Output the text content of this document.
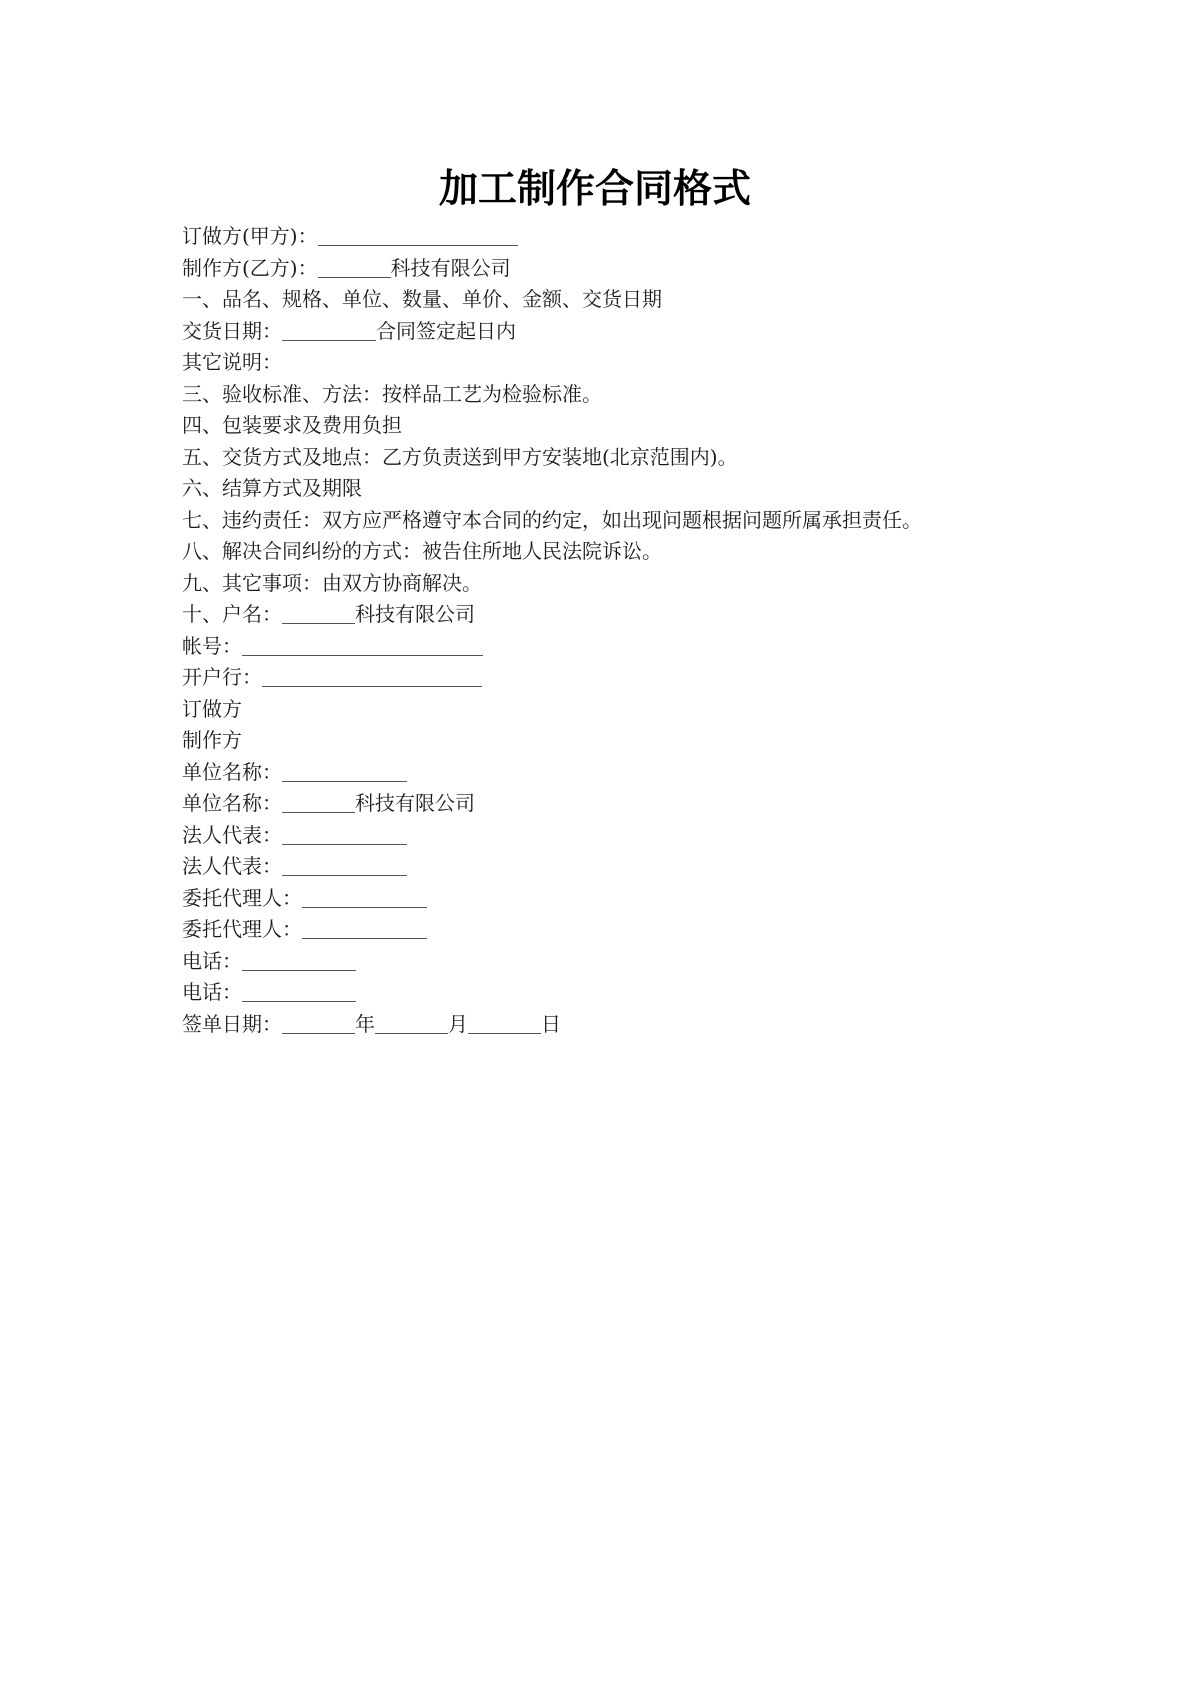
加工制作合同格式
订做方(甲方)：
制作方(乙方)：	科技有限公司
一、品名、规格、单位、数量、单价、金额、交货日期
交货日期：	合同签定起日内
其它说明：
三、验收标准、方法：按样品工艺为检验标准。
四、包装要求及费用负担
五、交货方式及地点：乙方负责送到甲方安装地(北京范围内)。
六、结算方式及期限
七、违约责任：双方应严格遵守本合同的约定，如出现问题根据问题所属承担责任。
八、解决合同纠纷的方式：被告住所地人民法院诉讼。
九、其它事项：由双方协商解决。
十、户名：	科技有限公司
帐号：
开户行：
订做方
制作方
单位名称：
单位名称：	科技有限公司
法人代表：
法人代表：
委托代理人：
委托代理人：
电话：
电话：
签单日期：	年	月	日
